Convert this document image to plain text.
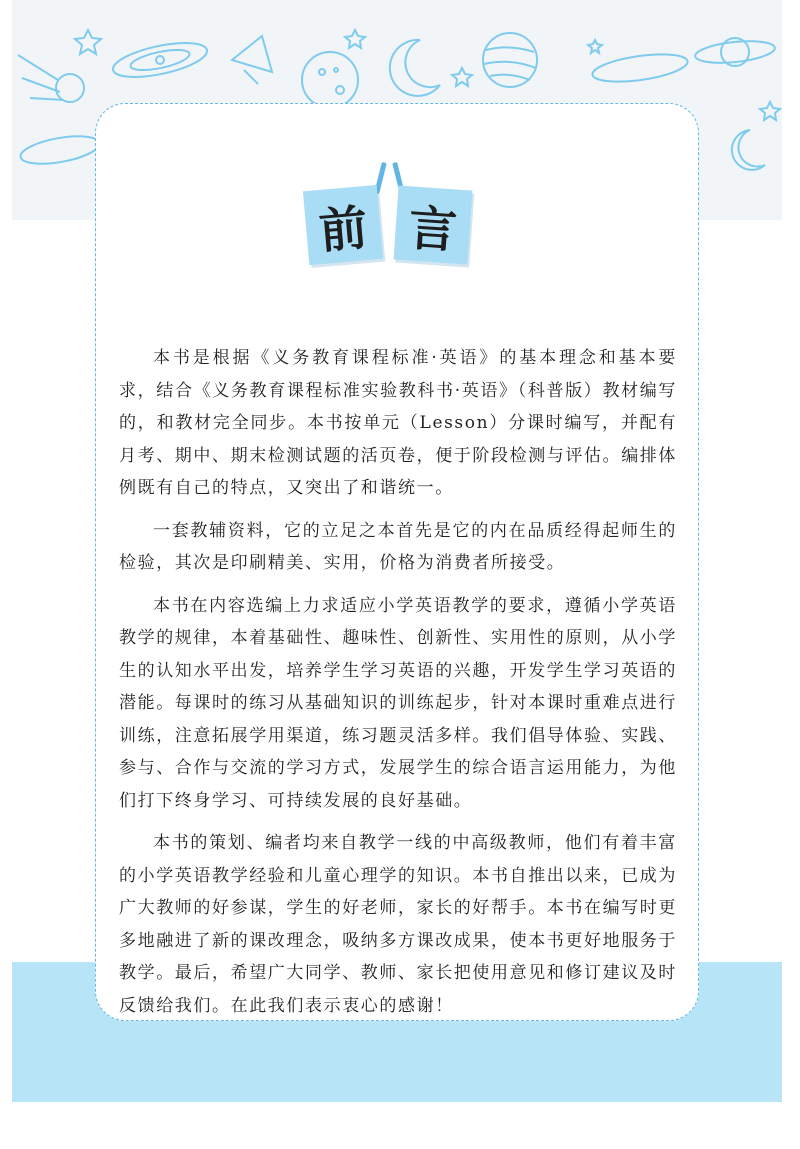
前 言

本书是根据《义务教育课程标准·英语》的基本理念和基本要求，结合《义务教育课程标准实验教科书·英语》（科普版）教材编写的，和教材完全同步。本书按单元（Lesson）分课时编写，并配有月考、期中、期末检测试题的活页卷，便于阶段检测与评估。编排体例既有自己的特点，又突出了和谐统一。

一套教辅资料，它的立足之本首先是它的内在品质经得起师生的检验，其次是印刷精美、实用，价格为消费者所接受。

本书在内容选编上力求适应小学英语教学的要求，遵循小学英语教学的规律，本着基础性、趣味性、创新性、实用性的原则，从小学生的认知水平出发，培养学生学习英语的兴趣，开发学生学习英语的潜能。每课时的练习从基础知识的训练起步，针对本课时重难点进行训练，注意拓展学用渠道，练习题灵活多样。我们倡导体验、实践、参与、合作与交流的学习方式，发展学生的综合语言运用能力，为他们打下终身学习、可持续发展的良好基础。

本书的策划、编者均来自教学一线的中高级教师，他们有着丰富的小学英语教学经验和儿童心理学的知识。本书自推出以来，已成为广大教师的好参谋，学生的好老师，家长的好帮手。本书在编写时更多地融进了新的课改理念，吸纳多方课改成果，使本书更好地服务于教学。最后，希望广大同学、教师、家长把使用意见和修订建议及时反馈给我们。在此我们表示衷心的感谢！
